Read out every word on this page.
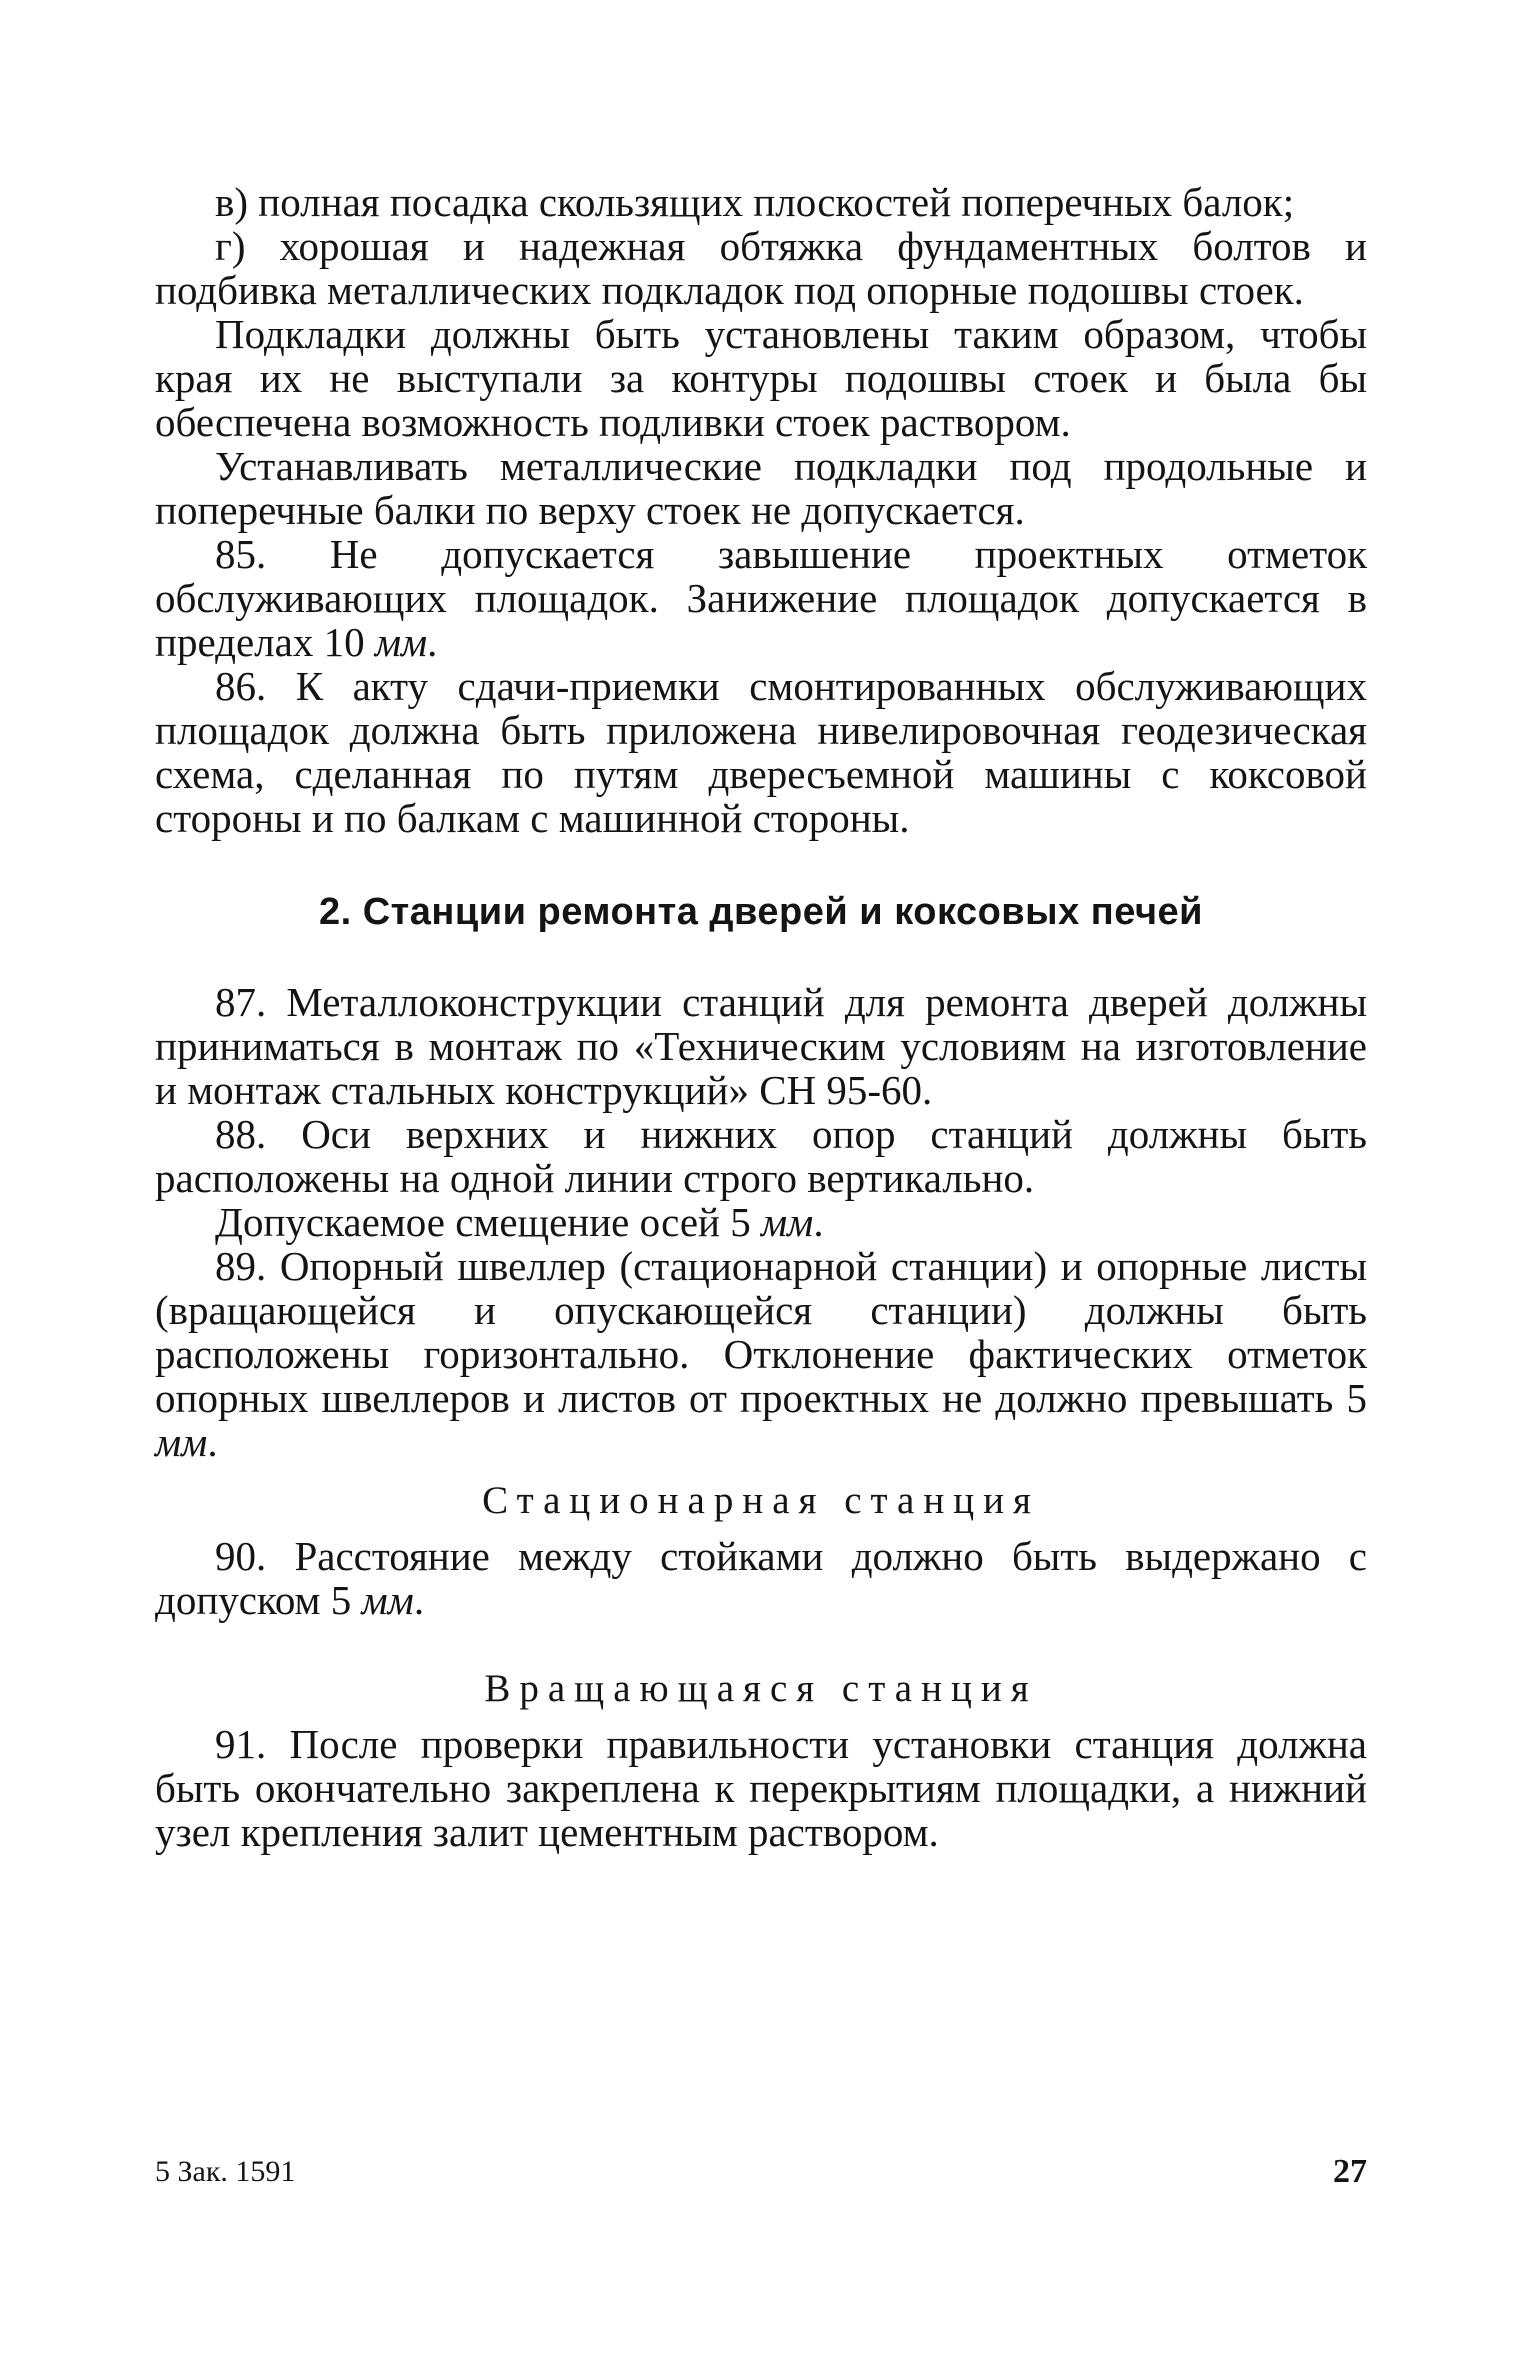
в) полная посадка скользящих плоскостей поперечных балок;

г) хорошая и надежная обтяжка фундаментных болтов и подбивка металлических подкладок под опорные подошвы стоек.

Подкладки должны быть установлены таким образом, чтобы края их не выступали за контуры подошвы стоек и была бы обеспечена возможность подливки стоек раствором.

Устанавливать металлические подкладки под продольные и поперечные балки по верху стоек не допускается.

85. Не допускается завышение проектных отметок обслуживающих площадок. Занижение площадок допускается в пределах 10 мм.

86. К акту сдачи-приемки смонтированных обслуживающих площадок должна быть приложена нивелировочная геодезическая схема, сделанная по путям двересъемной машины с коксовой стороны и по балкам с машинной стороны.

2. Станции ремонта дверей и коксовых печей

87. Металлоконструкции станций для ремонта дверей должны приниматься в монтаж по «Техническим условиям на изготовление и монтаж стальных конструкций» СН 95-60.

88. Оси верхних и нижних опор станций должны быть расположены на одной линии строго вертикально.

Допускаемое смещение осей 5 мм.

89. Опорный швеллер (стационарной станции) и опорные листы (вращающейся и опускающейся станции) должны быть расположены горизонтально. Отклонение фактических отметок опорных швеллеров и листов от проектных не должно превышать 5 мм.

Стационарная станция

90. Расстояние между стойками должно быть выдержано с допуском 5 мм.

Вращающаяся станция

91. После проверки правильности установки станция должна быть окончательно закреплена к перекрытиям площадки, а нижний узел крепления залит цементным раствором.

5 Зак. 1591	27
